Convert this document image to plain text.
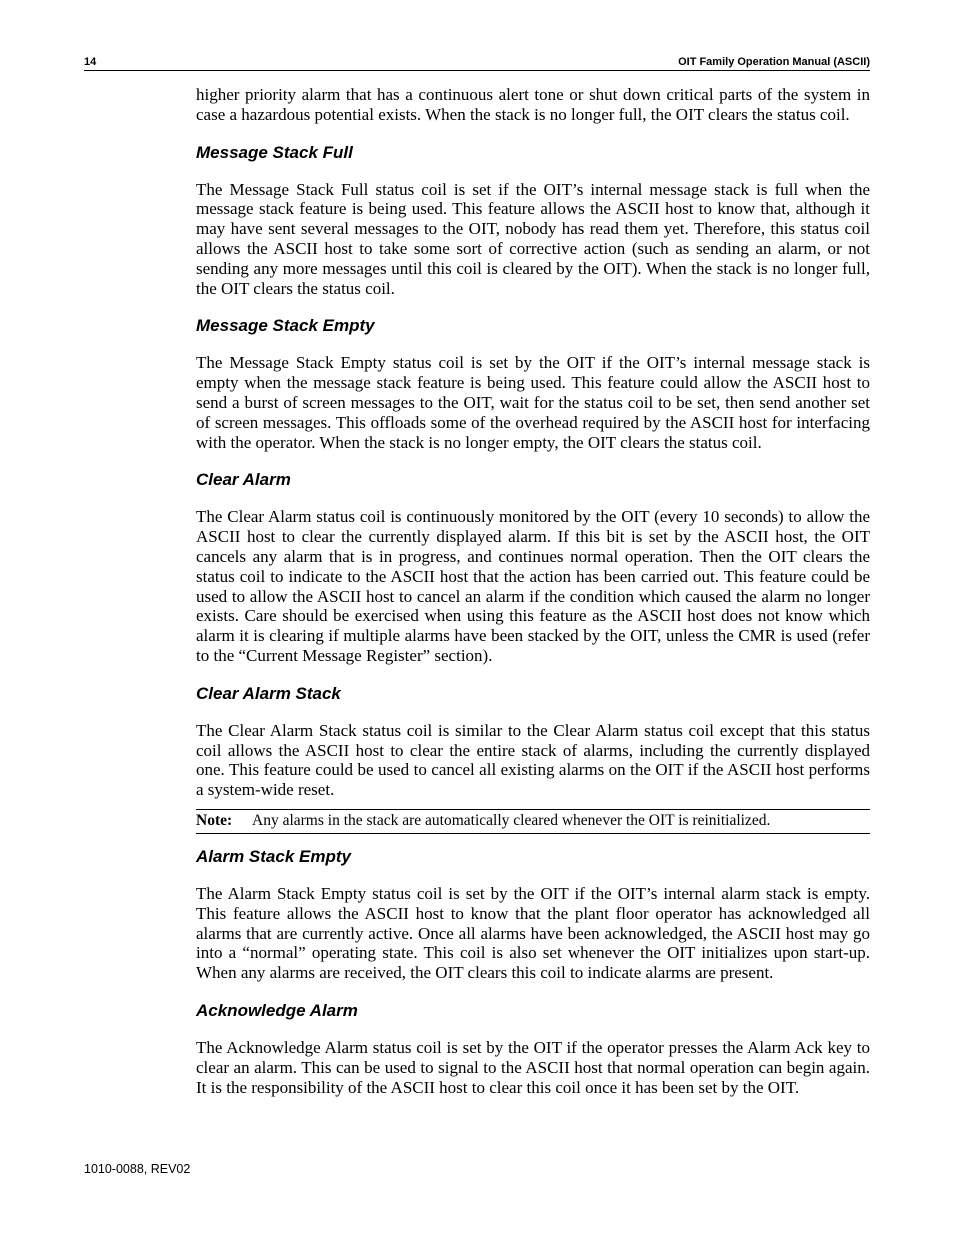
14	OIT Family Operation Manual (ASCII)

higher priority alarm that has a continuous alert tone or shut down critical parts of the system in case a hazardous potential exists. When the stack is no longer full, the OIT clears the status coil.

Message Stack Full

The Message Stack Full status coil is set if the OIT’s internal message stack is full when the message stack feature is being used. This feature allows the ASCII host to know that, although it may have sent several messages to the OIT, nobody has read them yet. Therefore, this status coil allows the ASCII host to take some sort of corrective action (such as sending an alarm, or not sending any more messages until this coil is cleared by the OIT). When the stack is no longer full, the OIT clears the status coil.

Message Stack Empty

The Message Stack Empty status coil is set by the OIT if the OIT’s internal message stack is empty when the message stack feature is being used. This feature could allow the ASCII host to send a burst of screen messages to the OIT, wait for the status coil to be set, then send another set of screen messages. This offloads some of the overhead required by the ASCII host for interfacing with the operator. When the stack is no longer empty, the OIT clears the status coil.

Clear Alarm

The Clear Alarm status coil is continuously monitored by the OIT (every 10 seconds) to allow the ASCII host to clear the currently displayed alarm. If this bit is set by the ASCII host, the OIT cancels any alarm that is in progress, and continues normal operation. Then the OIT clears the status coil to indicate to the ASCII host that the action has been carried out. This feature could be used to allow the ASCII host to cancel an alarm if the condition which caused the alarm no longer exists. Care should be exercised when using this feature as the ASCII host does not know which alarm it is clearing if multiple alarms have been stacked by the OIT, unless the CMR is used (refer to the “Current Message Register” section).

Clear Alarm Stack

The Clear Alarm Stack status coil is similar to the Clear Alarm status coil except that this status coil allows the ASCII host to clear the entire stack of alarms, including the currently displayed one. This feature could be used to cancel all existing alarms on the OIT if the ASCII host performs a system-wide reset.

Note:	Any alarms in the stack are automatically cleared whenever the OIT is reinitialized.
Alarm Stack Empty

The Alarm Stack Empty status coil is set by the OIT if the OIT’s internal alarm stack is empty. This feature allows the ASCII host to know that the plant floor operator has acknowledged all alarms that are currently active. Once all alarms have been acknowledged, the ASCII host may go into a “normal” operating state. This coil is also set whenever the OIT initializes upon start-up. When any alarms are received, the OIT clears this coil to indicate alarms are present.

Acknowledge Alarm

The Acknowledge Alarm status coil is set by the OIT if the operator presses the Alarm Ack key to clear an alarm. This can be used to signal to the ASCII host that normal operation can begin again. It is the responsibility of the ASCII host to clear this coil once it has been set by the OIT.

1010-0088, REV02
